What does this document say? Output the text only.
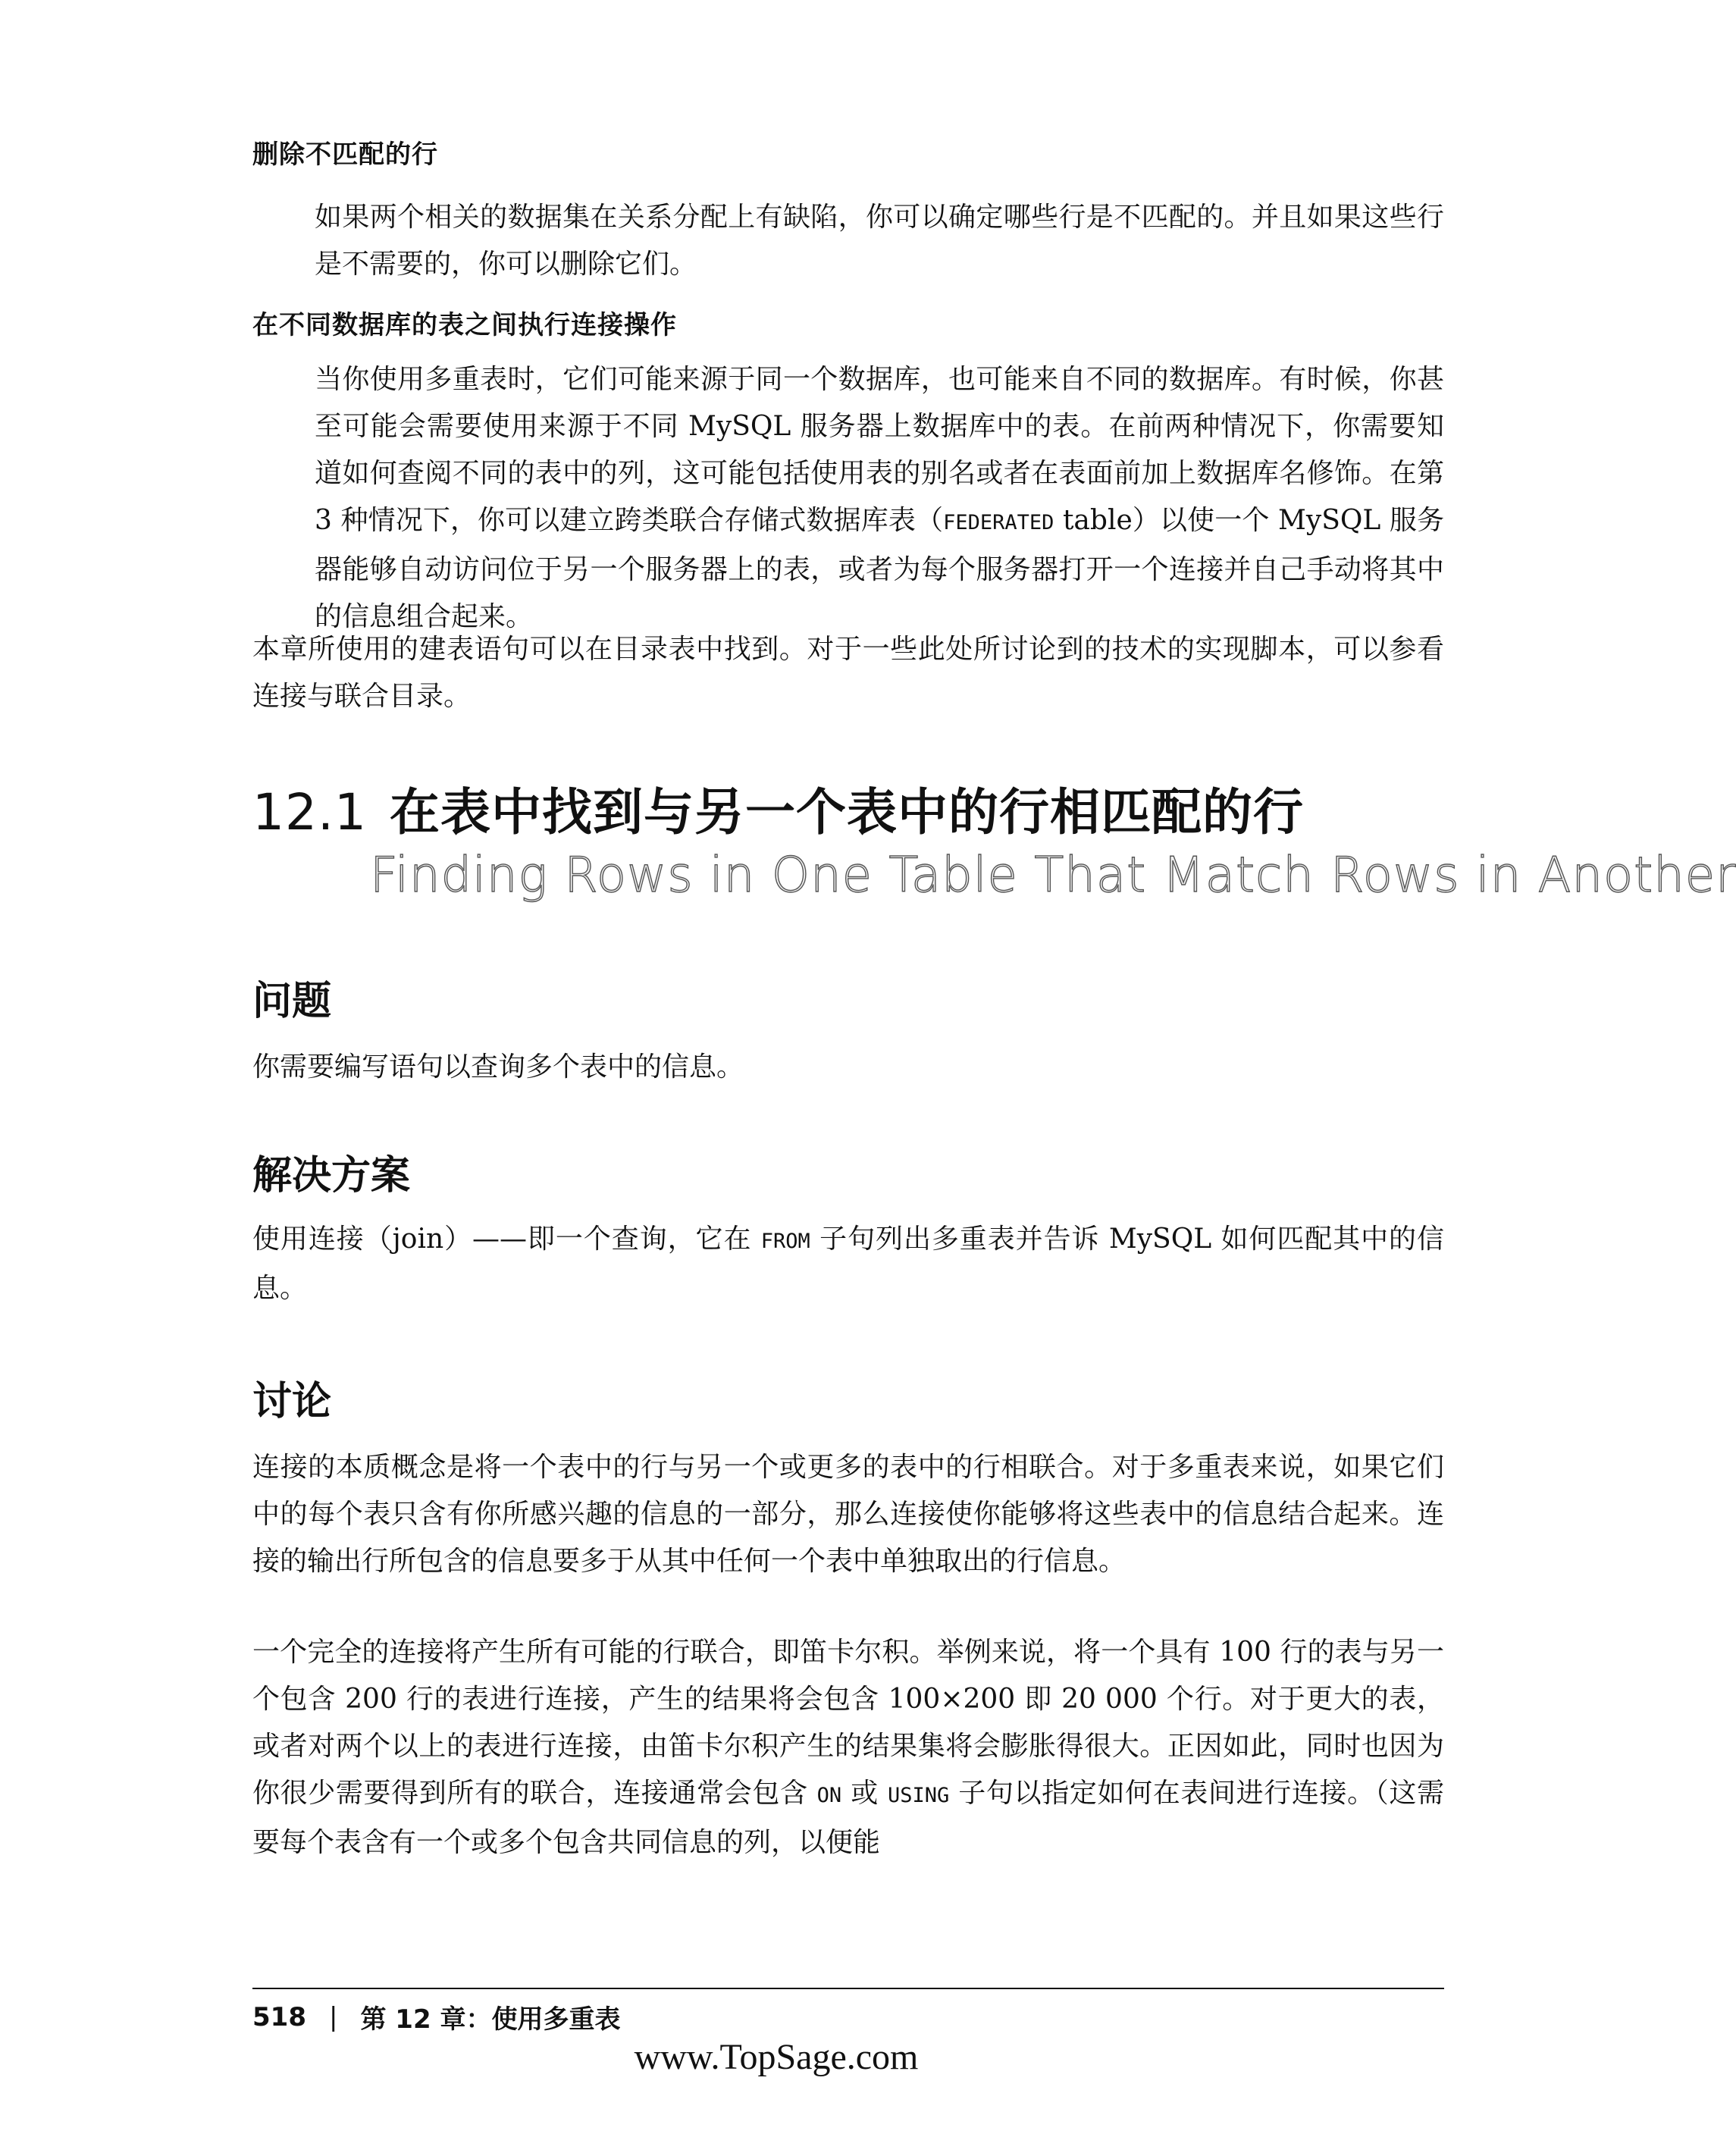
删除不匹配的行

如果两个相关的数据集在关系分配上有缺陷，你可以确定哪些行是不匹配的。并且如果这些行是不需要的，你可以删除它们。

在不同数据库的表之间执行连接操作

当你使用多重表时，它们可能来源于同一个数据库，也可能来自不同的数据库。有时候，你甚至可能会需要使用来源于不同 MySQL 服务器上数据库中的表。在前两种情况下，你需要知道如何查阅不同的表中的列，这可能包括使用表的别名或者在表面前加上数据库名修饰。在第 3 种情况下，你可以建立跨类联合存储式数据库表（FEDERATED table）以使一个 MySQL 服务器能够自动访问位于另一个服务器上的表，或者为每个服务器打开一个连接并自己手动将其中的信息组合起来。

本章所使用的建表语句可以在目录表中找到。对于一些此处所讨论到的技术的实现脚本，可以参看连接与联合目录。

12.1 在表中找到与另一个表中的行相匹配的行
Finding Rows in One Table That Match Rows in Another
问题

你需要编写语句以查询多个表中的信息。

解决方案

使用连接（join）——即一个查询，它在 FROM 子句列出多重表并告诉 MySQL 如何匹配其中的信息。

讨论

连接的本质概念是将一个表中的行与另一个或更多的表中的行相联合。对于多重表来说，如果它们中的每个表只含有你所感兴趣的信息的一部分，那么连接使你能够将这些表中的信息结合起来。连接的输出行所包含的信息要多于从其中任何一个表中单独取出的行信息。

一个完全的连接将产生所有可能的行联合，即笛卡尔积。举例来说，将一个具有 100 行的表与另一个包含 200 行的表进行连接，产生的结果将会包含 100×200 即 20 000 个行。对于更大的表，或者对两个以上的表进行连接，由笛卡尔积产生的结果集将会膨胀得很大。正因如此，同时也因为你很少需要得到所有的联合，连接通常会包含 ON 或 USING 子句以指定如何在表间进行连接。（这需要每个表含有一个或多个包含共同信息的列，以便能

518 | 第 12 章：使用多重表
www.TopSage.com
